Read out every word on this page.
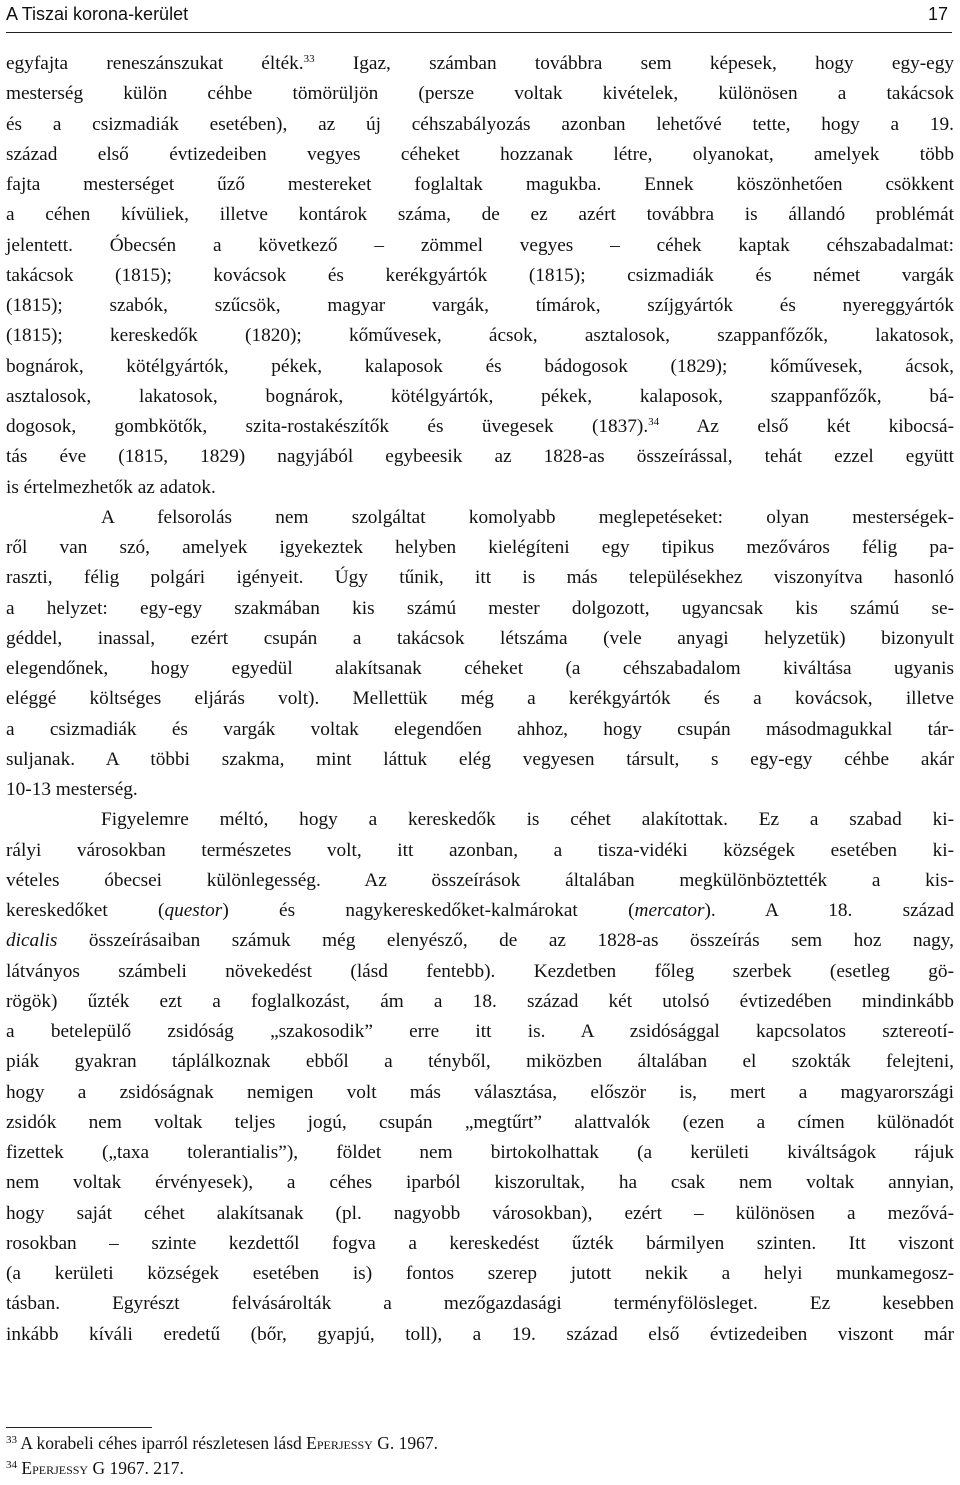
A Tiszai korona-kerület	17
egyfajta reneszánszukat élték.$^{33}$ Igaz, számban továbbra sem képesek, hogy egy-egy
mesterség külön céhbe tömörüljön (persze voltak kivételek, különösen a takácsok
és a csizmadiák esetében), az új céhszabályozás azonban lehetővé tette, hogy a 19.
század első évtizedeiben vegyes céheket hozzanak létre, olyanokat, amelyek több
fajta mesterséget űző mestereket foglaltak magukba. Ennek köszönhetően csökkent
a céhen kívüliek, illetve kontárok száma, de ez azért továbbra is állandó problémát
jelentett. Óbecsén a következő – zömmel vegyes – céhek kaptak céhszabadalmat:
takácsok (1815); kovácsok és kerékgyártók (1815); csizmadiák és német vargák
(1815); szabók, szűcsök, magyar vargák, tímárok, szíjgyártók és nyereggyártók
(1815); kereskedők (1820); kőművesek, ácsok, asztalosok, szappanfőzők, lakatosok,
bognárok, kötélgyártók, pékek, kalaposok és bádogosok (1829); kőművesek, ácsok,
asztalosok, lakatosok, bognárok, kötélgyártók, pékek, kalaposok, szappanfőzők, bá-
dogosok, gombkötők, szita-rostakészítők és üvegesek (1837).$^{34}$ Az első két kibocsá-
tás éve (1815, 1829) nagyjából egybeesik az 1828-as összeírással, tehát ezzel együtt
is értelmezhetők az adatok.
A felsorolás nem szolgáltat komolyabb meglepetéseket: olyan mesterségek-
ről van szó, amelyek igyekeztek helyben kielégíteni egy tipikus mezőváros félig pa-
raszti, félig polgári igényeit. Úgy tűnik, itt is más településekhez viszonyítva hasonló
a helyzet: egy-egy szakmában kis számú mester dolgozott, ugyancsak kis számú se-
géddel, inassal, ezért csupán a takácsok létszáma (vele anyagi helyzetük) bizonyult
elegendőnek, hogy egyedül alakítsanak céheket (a céhszabadalom kiváltása ugyanis
eléggé költséges eljárás volt). Mellettük még a kerékgyártók és a kovácsok, illetve
a csizmadiák és vargák voltak elegendően ahhoz, hogy csupán másodmagukkal tár-
suljanak. A többi szakma, mint láttuk elég vegyesen társult, s egy-egy céhbe akár
10-13 mesterség.
Figyelemre méltó, hogy a kereskedők is céhet alakítottak. Ez a szabad ki-
rályi városokban természetes volt, itt azonban, a tisza-vidéki községek esetében ki-
vételes óbecsei különlegesség. Az összeírások általában megkülönböztették a kis-
kereskedőket (questor) és nagykereskedőket-kalmárokat (mercator). A 18. század
dicalis összeírásaiban számuk még elenyésző, de az 1828-as összeírás sem hoz nagy,
látványos számbeli növekedést (lásd fentebb). Kezdetben főleg szerbek (esetleg gö-
rögök) űzték ezt a foglalkozást, ám a 18. század két utolsó évtizedében mindinkább
a betelepülő zsidóság „szakosodik” erre itt is. A zsidósággal kapcsolatos sztereotí-
piák gyakran táplálkoznak ebből a tényből, miközben általában el szokták felejteni,
hogy a zsidóságnak nemigen volt más választása, először is, mert a magyarországi
zsidók nem voltak teljes jogú, csupán „megtűrt” alattvalók (ezen a címen különadót
fizettek („taxa tolerantialis”), földet nem birtokolhattak (a kerületi kiváltságok rájuk
nem voltak érvényesek), a céhes iparból kiszorultak, ha csak nem voltak annyian,
hogy saját céhet alakítsanak (pl. nagyobb városokban), ezért – különösen a mezővá-
rosokban – szinte kezdettől fogva a kereskedést űzték bármilyen szinten. Itt viszont
(a kerületi községek esetében is) fontos szerep jutott nekik a helyi munkamegosz-
tásban. Egyrészt felvásárolták a mezőgazdasági terményfölösleget. Ez kesebben
inkább kíváli eredetű (bőr, gyapjú, toll), a 19. század első évtizedeiben viszont már
$^{33}$ A korabeli céhes iparról részletesen lásd Eperjessy G. 1967.
$^{34}$ Eperjessy G 1967. 217.
